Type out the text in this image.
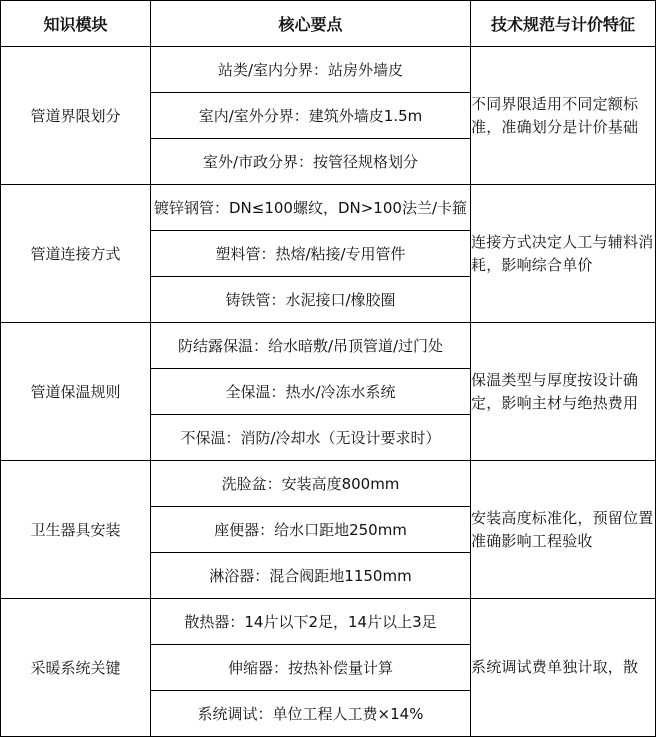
知识模块	核心要点	技术规范与计价特征
管道界限划分	站类/室内分界：站房外墙皮	不同界限适用不同定额标准，准确划分是计价基础
	室内/室外分界：建筑外墙皮1.5m	
	室外/市政分界：按管径规格划分	
管道连接方式	镀锌钢管：DN≤100螺纹，DN>100法兰/卡箍	连接方式决定人工与辅料消耗，影响综合单价
	塑料管：热熔/粘接/专用管件	
	铸铁管：水泥接口/橡胶圈	
管道保温规则	防结露保温：给水暗敷/吊顶管道/过门处	保温类型与厚度按设计确定，影响主材与绝热费用
	全保温：热水/冷冻水系统	
	不保温：消防/冷却水（无设计要求时）	
卫生器具安装	洗脸盆：安装高度800mm	安装高度标准化，预留位置准确影响工程验收
	座便器：给水口距地250mm	
	淋浴器：混合阀距地1150mm	
采暖系统关键	散热器：14片以下2足，14片以上3足	系统调试费单独计取，散

	伸缩器：按热补偿量计算	
	系统调试：单位工程人工费×14%	
